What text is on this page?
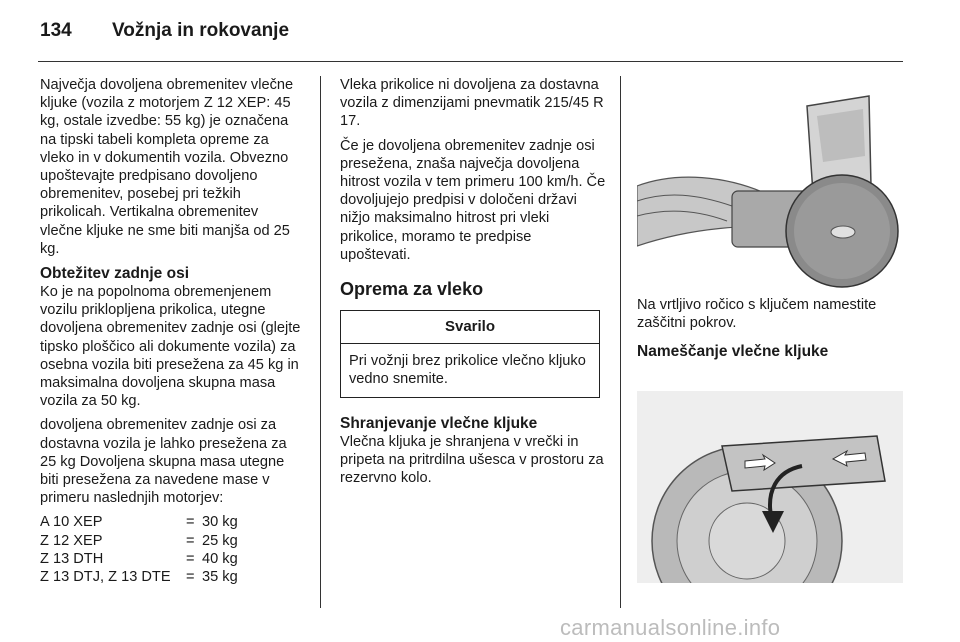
134 Vožnja in rokovanje

Največja dovoljena obremenitev vlečne kljuke (vozila z motorjem Z 12 XEP: 45 kg, ostale izvedbe: 55 kg) je označena na tipski tabeli kompleta opreme za vleko in v dokumentih vozila. Obvezno upoštevajte predpisano dovoljeno obremenitev, posebej pri težkih prikolicah. Vertikalna obremenitev vlečne kljuke ne sme biti manjša od 25 kg.

Obtežitev zadnje osi

Ko je na popolnoma obremenjenem vozilu priklopljena prikolica, utegne dovoljena obremenitev zadnje osi (glejte tipsko ploščico ali dokumente vozila) za osebna vozila biti presežena za 45 kg in maksimalna dovoljena skupna masa vozila za 50 kg.

dovoljena obremenitev zadnje osi za dostavna vozila je lahko presežena za 25 kg Dovoljena skupna masa utegne biti presežena za navedene mase v primeru naslednjih motorjev:

A 10 XEP	=	30 kg
Z 12 XEP	=	25 kg
Z 13 DTH	=	40 kg
Z 13 DTJ, Z 13 DTE	=	35 kg

Vleka prikolice ni dovoljena za dostavna vozila z dimenzijami pnevmatik 215/45 R 17.

Če je dovoljena obremenitev zadnje osi presežena, znaša največja dovoljena hitrost vozila v tem primeru 100 km/h. Če dovoljujejo predpisi v določeni državi nižjo maksimalno hitrost pri vleki prikolice, moramo te predpise upoštevati.

Oprema za vleko
Svarilo
Pri vožnji brez prikolice vlečno kljuko vedno snemite.
Shranjevanje vlečne kljuke

Vlečna kljuka je shranjena v vrečki in pripeta na pritrdilna ušesca v prostoru za rezervno kolo.

Na vrtljivo ročico s ključem namestite zaščitni pokrov.

Nameščanje vlečne kljuke
carmanualsonline.info
